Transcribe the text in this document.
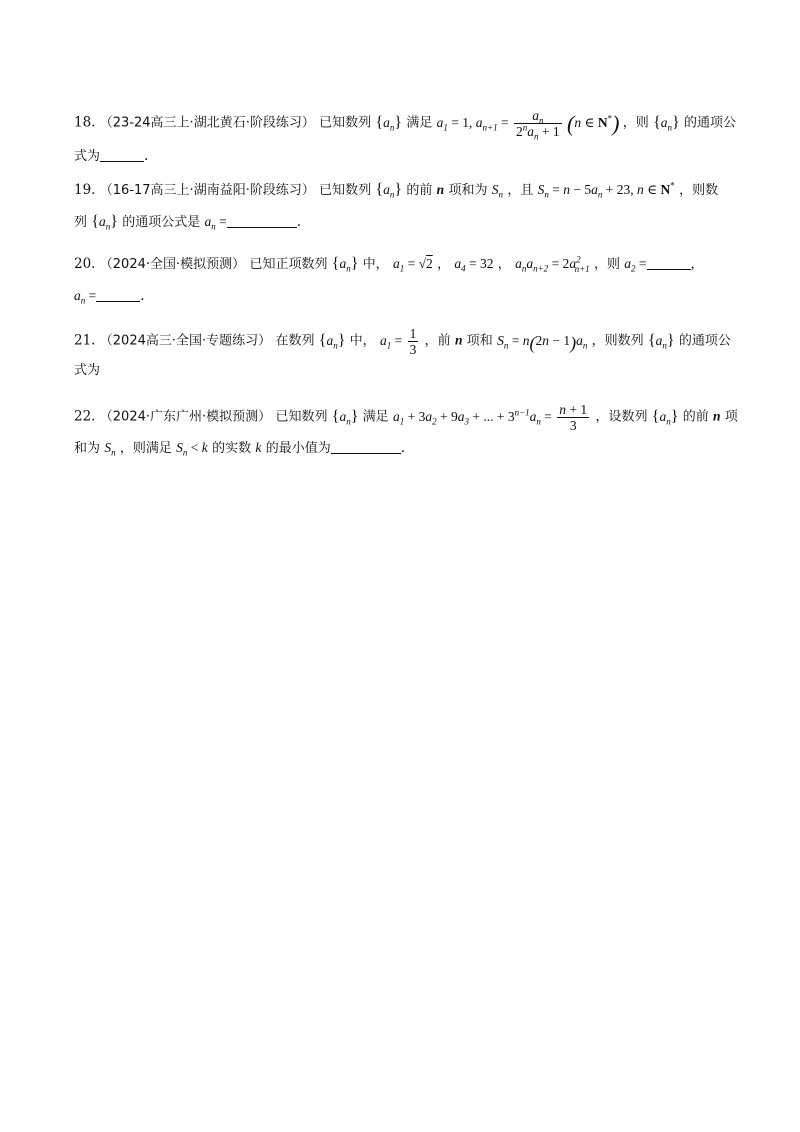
18. （23-24高三上·湖北黄石·阶段练习） 已知数列 $\{a_n\}$ 满足 $a_1 = 1$, $a_{n+1} = \frac{a_n}{2^na_n + 1} (n$ ∈ N*) ，则 $\{a_n\}$ 的通项公
式为	.
19. （16-17高三上·湖南益阳·阶段练习） 已知数列 $\{a_n\}$ 的前 n 项和为 $S_n$ ，且 $S_n = n - 5a_n + 23$, n ∈ N* ，则数
列 $\{a_n\}$ 的通项公式是 $a_n$ =	.
20. （2024·全国·模拟预测） 已知正项数列 $\{a_n\}$ 中， $a_1 = √2$ ， $a_4 = 32$ ， $a_na_{n+2} = 2a^2_{n+1}$ ，则 $a_2$ =	，
$a_n$ =	.
21. （2024高三·全国·专题练习） 在数列 $\{a_n\}$ 中， $a_1 = \frac{1}{3}$ ，前 n 项和 $S_n = n(2n - 1)a_n$ ，则数列 $\{a_n\}$ 的通项公
式为
22. （2024·广东广州·模拟预测） 已知数列 $\{a_n\}$ 满足 $a_1 + 3a_2 + 9a_3$ + ... + $3^{n-1}a_n = \frac{n + 1}{3}$ ，设数列 $\{a_n\}$ 的前 n 项
和为 $S_n$ ，则满足 $S_n < k$ 的实数 k 的最小值为	.
